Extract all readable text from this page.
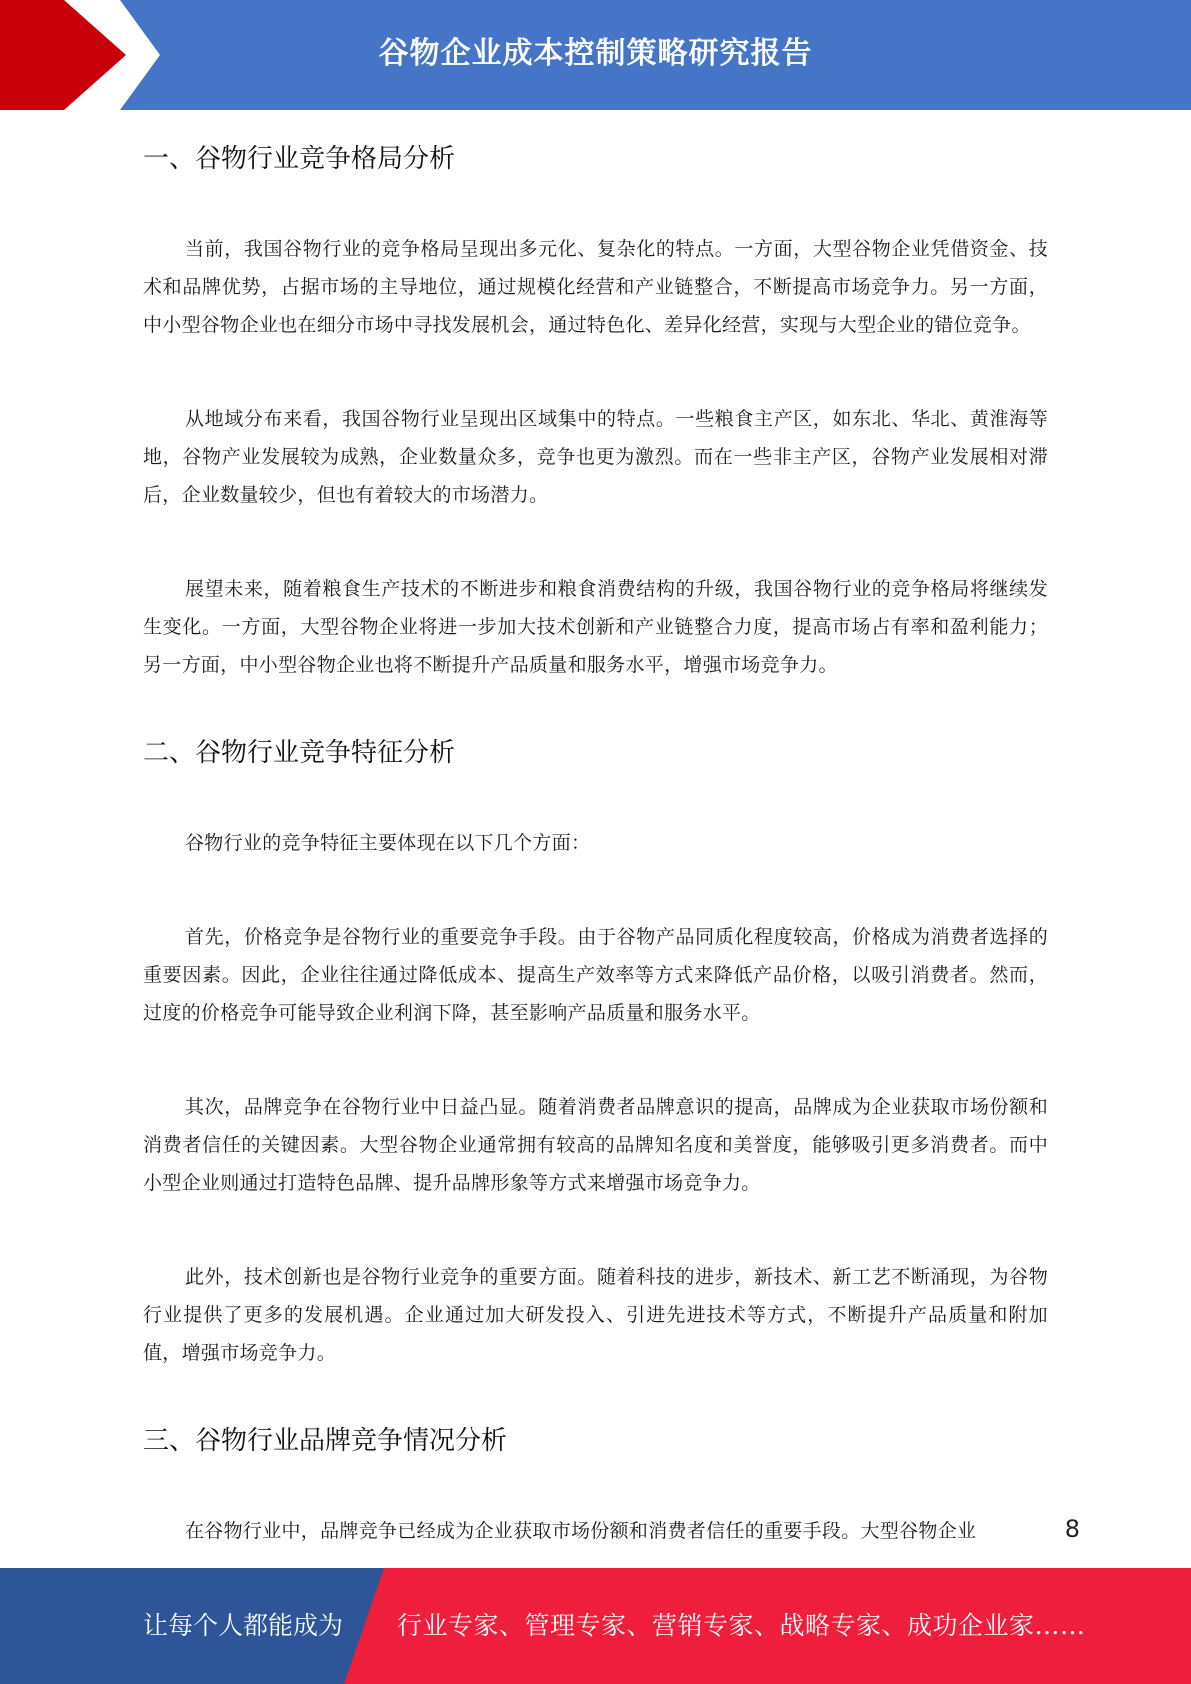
谷物企业成本控制策略研究报告
一、谷物行业竞争格局分析

当前，我国谷物行业的竞争格局呈现出多元化、复杂化的特点。一方面，大型谷物企业凭借资金、技术和品牌优势，占据市场的主导地位，通过规模化经营和产业链整合，不断提高市场竞争力。另一方面，中小型谷物企业也在细分市场中寻找发展机会，通过特色化、差异化经营，实现与大型企业的错位竞争。

从地域分布来看，我国谷物行业呈现出区域集中的特点。一些粮食主产区，如东北、华北、黄淮海等地，谷物产业发展较为成熟，企业数量众多，竞争也更为激烈。而在一些非主产区，谷物产业发展相对滞后，企业数量较少，但也有着较大的市场潜力。

展望未来，随着粮食生产技术的不断进步和粮食消费结构的升级，我国谷物行业的竞争格局将继续发生变化。一方面，大型谷物企业将进一步加大技术创新和产业链整合力度，提高市场占有率和盈利能力；另一方面，中小型谷物企业也将不断提升产品质量和服务水平，增强市场竞争力。

二、谷物行业竞争特征分析

谷物行业的竞争特征主要体现在以下几个方面：

首先，价格竞争是谷物行业的重要竞争手段。由于谷物产品同质化程度较高，价格成为消费者选择的重要因素。因此，企业往往通过降低成本、提高生产效率等方式来降低产品价格，以吸引消费者。然而，过度的价格竞争可能导致企业利润下降，甚至影响产品质量和服务水平。

其次，品牌竞争在谷物行业中日益凸显。随着消费者品牌意识的提高，品牌成为企业获取市场份额和消费者信任的关键因素。大型谷物企业通常拥有较高的品牌知名度和美誉度，能够吸引更多消费者。而中小型企业则通过打造特色品牌、提升品牌形象等方式来增强市场竞争力。

此外，技术创新也是谷物行业竞争的重要方面。随着科技的进步，新技术、新工艺不断涌现，为谷物行业提供了更多的发展机遇。企业通过加大研发投入、引进先进技术等方式，不断提升产品质量和附加值，增强市场竞争力。

三、谷物行业品牌竞争情况分析

在谷物行业中，品牌竞争已经成为企业获取市场份额和消费者信任的重要手段。大型谷物企业	8
让每个人都能成为 行业专家、管理专家、营销专家、战略专家、成功企业家……
